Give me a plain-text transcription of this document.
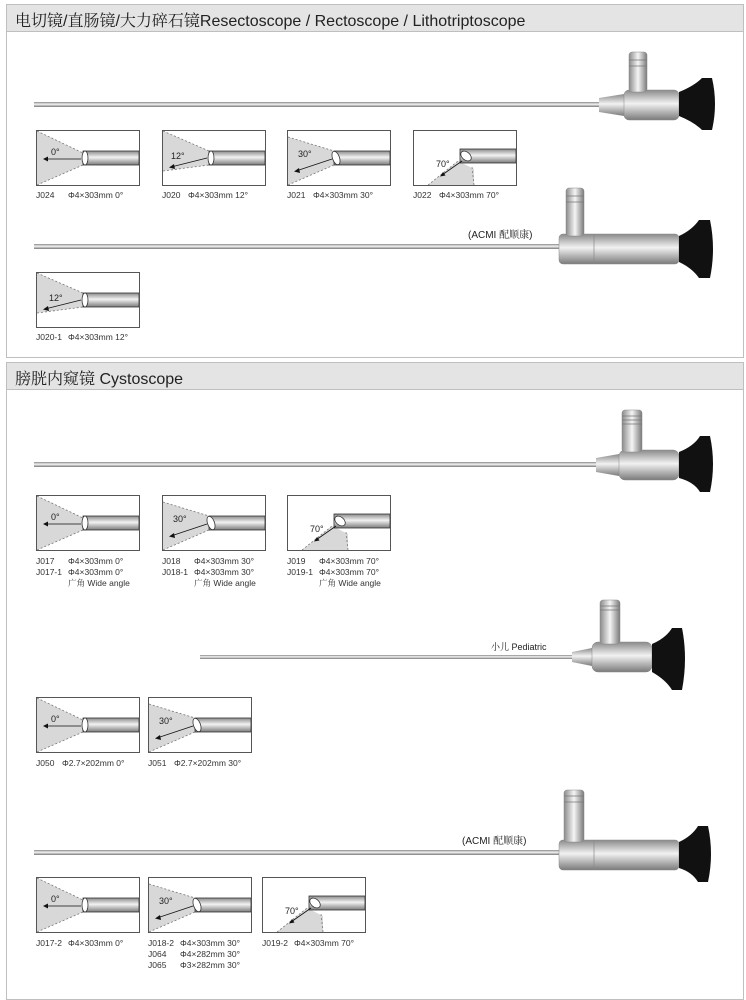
电切镜/直肠镜/大力碎石镜Resectoscope / Rectoscope / Lithotriptoscope
(ACMI 配顺康)
0°
J024 Φ4×303mm 0°
12°
J020 Φ4×303mm 12°
30°
J021 Φ4×303mm 30°
70°
J022 Φ4×303mm 70°
12°
J020-1 Φ4×303mm 12°
膀胱内窥镜 Cystoscope
0°
J017 Φ4×303mm 0°
J017-1 Φ4×303mm 0°
广角 Wide angle
30°
J018 Φ4×303mm 30°
J018-1 Φ4×303mm 30°
广角 Wide angle
70°
J019 Φ4×303mm 70°
J019-1 Φ4×303mm 70°
广角 Wide angle
小儿 Pediatric
0°
J050 Φ2.7×202mm 0°
30°
J051 Φ2.7×202mm 30°
(ACMI 配顺康)
0°
J017-2 Φ4×303mm 0°
30°
J018-2 Φ4×303mm 30°
J064 Φ4×282mm 30°
J065 Φ3×282mm 30°
70°
J019-2 Φ4×303mm 70°
